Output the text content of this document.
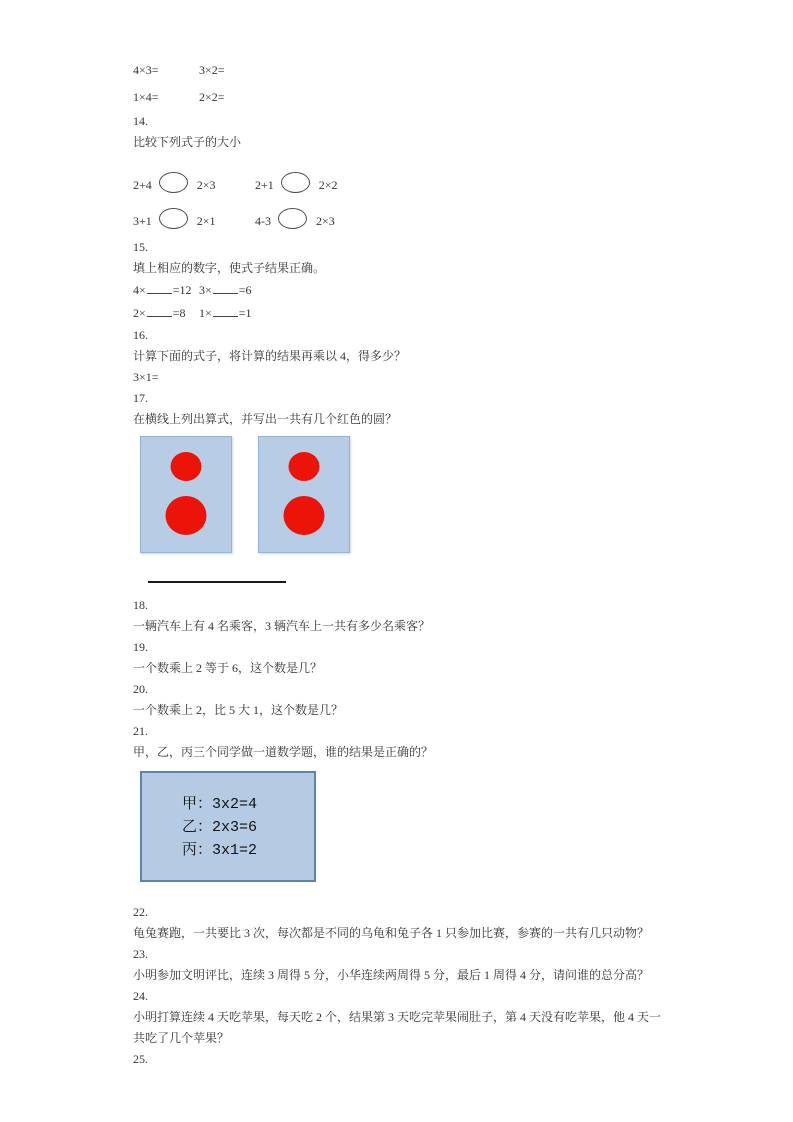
4×3=	3×2=
1×4=	2×2=
14.
比较下列式子的大小
2+4	2×3	2+1	2×2
3+1	2×1	4-3	2×3
15.
填上相应的数字，使式子结果正确。
4× =12 3× =6
2× =8 1× =1
16.
计算下面的式子，将计算的结果再乘以 4，得多少？
3×1=
17.
在横线上列出算式，并写出一共有几个红色的圆？
18.
一辆汽车上有 4 名乘客，3 辆汽车上一共有多少名乘客？
19.
一个数乘上 2 等于 6，这个数是几？
20.
一个数乘上 2，比 5 大 1，这个数是几？
21.
甲，乙，丙三个同学做一道数学题，谁的结果是正确的？
甲：3x2=4
乙：2x3=6
丙：3x1=2
22.
龟兔赛跑，一共要比 3 次，每次都是不同的乌龟和兔子各 1 只参加比赛，参赛的一共有几只动物？
23.
小明参加文明评比，连续 3 周得 5 分，小华连续两周得 5 分，最后 1 周得 4 分，请问谁的总分高？
24.
小明打算连续 4 天吃苹果，每天吃 2 个，结果第 3 天吃完苹果闹肚子，第 4 天没有吃苹果，他 4 天一共吃了几个苹果？
25.
